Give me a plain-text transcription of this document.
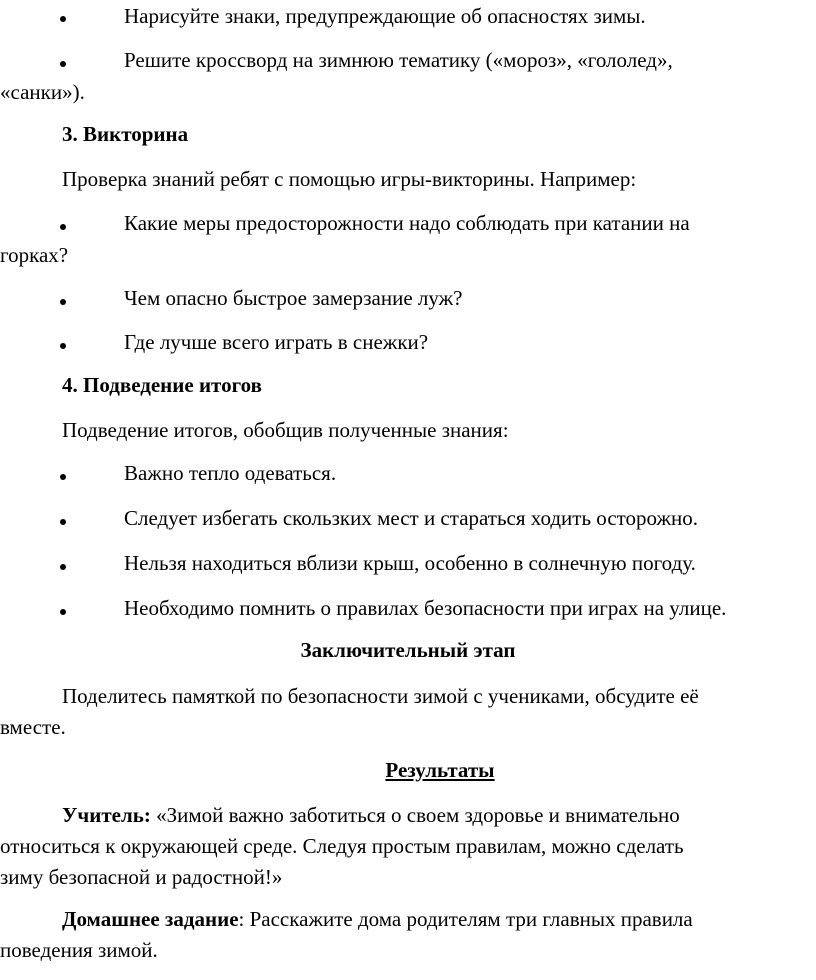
Нарисуйте знаки, предупреждающие об опасностях зимы.
Решите кроссворд на зимнюю тематику («мороз», «гололед»,
«санки»).
3. Викторина
Проверка знаний ребят с помощью игры-викторины. Например:
Какие меры предосторожности надо соблюдать при катании на
горках?
Чем опасно быстрое замерзание луж?
Где лучше всего играть в снежки?
4. Подведение итогов
Подведение итогов, обобщив полученные знания:
Важно тепло одеваться.
Следует избегать скользких мест и стараться ходить осторожно.
Нельзя находиться вблизи крыш, особенно в солнечную погоду.
Необходимо помнить о правилах безопасности при играх на улице.
Заключительный этап
Поделитесь памяткой по безопасности зимой с учениками, обсудите её
вместе.
Результаты
Учитель: «Зимой важно заботиться о своем здоровье и внимательно
относиться к окружающей среде. Следуя простым правилам, можно сделать
зиму безопасной и радостной!»
Домашнее задание: Расскажите дома родителям три главных правила
поведения зимой.
